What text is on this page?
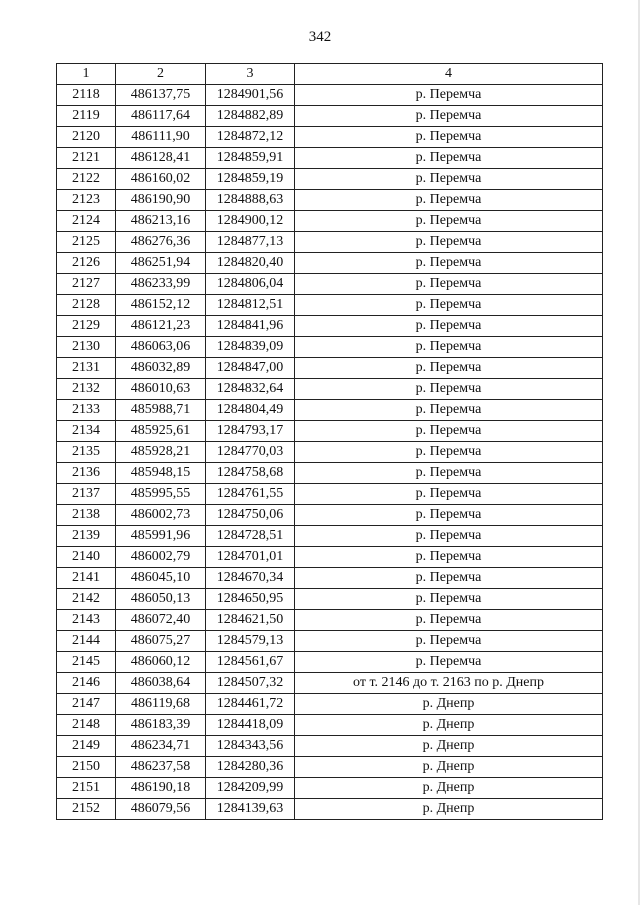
342
1	2	3	4
2118	486137,75	1284901,56	р. Перемча
2119	486117,64	1284882,89	р. Перемча
2120	486111,90	1284872,12	р. Перемча
2121	486128,41	1284859,91	р. Перемча
2122	486160,02	1284859,19	р. Перемча
2123	486190,90	1284888,63	р. Перемча
2124	486213,16	1284900,12	р. Перемча
2125	486276,36	1284877,13	р. Перемча
2126	486251,94	1284820,40	р. Перемча
2127	486233,99	1284806,04	р. Перемча
2128	486152,12	1284812,51	р. Перемча
2129	486121,23	1284841,96	р. Перемча
2130	486063,06	1284839,09	р. Перемча
2131	486032,89	1284847,00	р. Перемча
2132	486010,63	1284832,64	р. Перемча
2133	485988,71	1284804,49	р. Перемча
2134	485925,61	1284793,17	р. Перемча
2135	485928,21	1284770,03	р. Перемча
2136	485948,15	1284758,68	р. Перемча
2137	485995,55	1284761,55	р. Перемча
2138	486002,73	1284750,06	р. Перемча
2139	485991,96	1284728,51	р. Перемча
2140	486002,79	1284701,01	р. Перемча
2141	486045,10	1284670,34	р. Перемча
2142	486050,13	1284650,95	р. Перемча
2143	486072,40	1284621,50	р. Перемча
2144	486075,27	1284579,13	р. Перемча
2145	486060,12	1284561,67	р. Перемча
2146	486038,64	1284507,32	от т. 2146 до т. 2163 по р. Днепр
2147	486119,68	1284461,72	р. Днепр
2148	486183,39	1284418,09	р. Днепр
2149	486234,71	1284343,56	р. Днепр
2150	486237,58	1284280,36	р. Днепр
2151	486190,18	1284209,99	р. Днепр
2152	486079,56	1284139,63	р. Днепр
